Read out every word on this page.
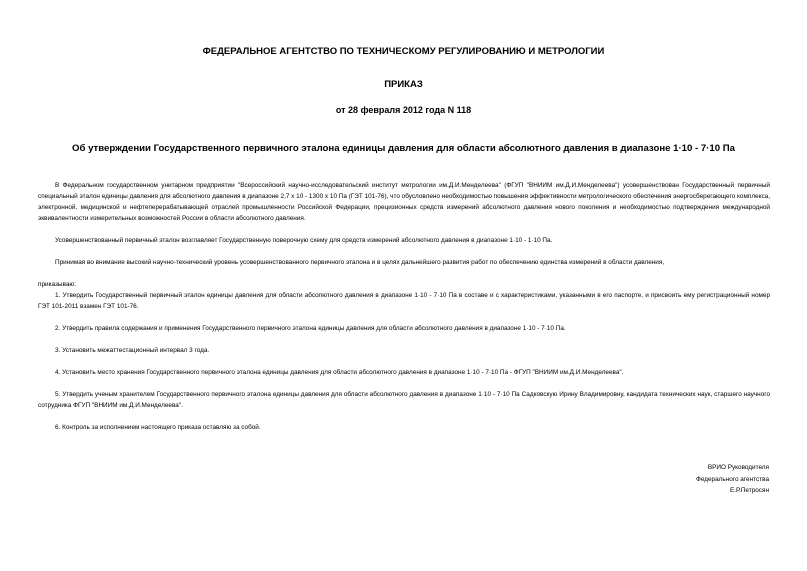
ФЕДЕРАЛЬНОЕ АГЕНТСТВО ПО ТЕХНИЧЕСКОМУ РЕГУЛИРОВАНИЮ И МЕТРОЛОГИИ
ПРИКАЗ
от 28 февраля 2012 года N 118
Об утверждении Государственного первичного эталона единицы давления для области абсолютного давления в диапазоне 1·10 - 7·10 Па

В Федеральном государственном унитарном предприятии "Всероссийский научно-исследовательский институт метрологии им.Д.И.Менделеева" (ФГУП "ВНИИМ им.Д.И.Менделеева") усовершенствован Государственный первичный специальный эталон единицы давления для абсолютного давления в диапазоне 2,7 х 10 - 1300 х 10 Па (ГЭТ 101-76), что обусловлено необходимостью повышения эффективности метрологического обеспечения энергосберегающего комплекса, электронной, медицинской и нефтеперерабатывающей отраслей промышленности Российской Федерации, прецизионных средств измерений абсолютного давления нового поколения и необходимостью подтверждения международной эквивалентности измерительных возможностей России в области абсолютного давления.

Усовершенствованный первичный эталон возглавляет Государственную поверочную схему для средств измерений абсолютного давления в диапазоне 1·10 - 1·10 Па.

Принимая во внимание высокий научно-технический уровень усовершенствованного первичного эталона и в целях дальнейшего развития работ по обеспечению единства измерений в области давления,

приказываю:

1. Утвердить Государственный первичный эталон единицы давления для области абсолютного давления в диапазоне 1·10 - 7·10 Па в составе и с характеристиками, указанными в его паспорте, и присвоить ему регистрационный номер ГЭТ 101-2011 взамен ГЭТ 101-76.

2. Утвердить правила содержания и применения Государственного первичного эталона единицы давления для области абсолютного давления в диапазоне 1·10 - 7·10 Па.

3. Установить межаттестационный интервал 3 года.

4. Установить место хранения Государственного первичного эталона единицы давления для области абсолютного давления в диапазоне 1·10 - 7·10 Па - ФГУП "ВНИИМ им.Д.И.Менделеева".

5. Утвердить ученым хранителем Государственного первичного эталона единицы давления для области абсолютного давления в диапазоне 1·10 - 7·10 Па Садковскую Ирину Владимировну, кандидата технических наук, старшего научного сотрудника ФГУП "ВНИИМ им.Д.И.Менделеева".

6. Контроль за исполнением настоящего приказа оставляю за собой.

ВРИО Руководителя
Федерального агентства
Е.Р.Петросян
